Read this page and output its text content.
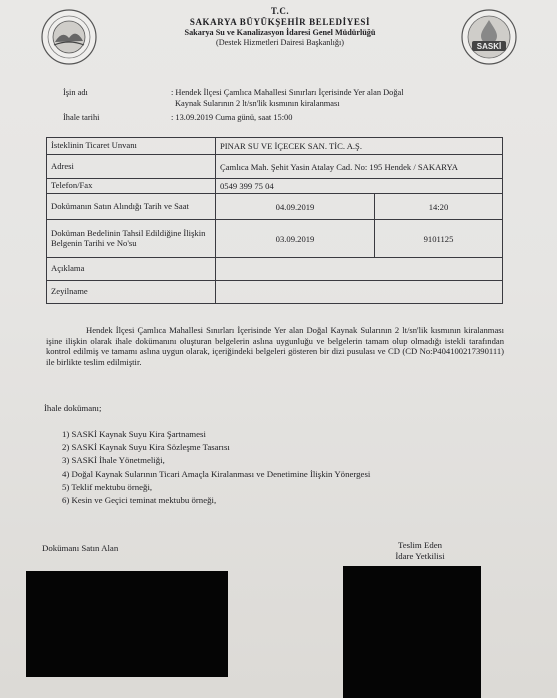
SASKİ
T.C.
SAKARYA BÜYÜKŞEHİR BELEDİYESİ
Sakarya Su ve Kanalizasyon İdaresi Genel Müdürlüğü
(Destek Hizmetleri Dairesi Başkanlığı)
İşin adı	: Hendek İlçesi Çamlıca Mahallesi Sınırları İçerisinde Yer alan Doğal
Kaynak Sularının 2 lt/sn'lik kısmının kiralanması
İhale tarihi	: 13.09.2019 Cuma günü, saat 15:00
İsteklinin Ticaret Unvanı	PINAR SU VE İÇECEK SAN. TİC. A.Ş.	
Adresi	Çamlıca Mah. Şehit Yasin Atalay Cad. No: 195 Hendek / SAKARYA	
Telefon/Fax	0549 399 75 04	
Dokümanın Satın Alındığı Tarih ve Saat	04.09.2019	14:20
Doküman Bedelinin Tahsil Edildiğine İlişkin Belgenin Tarihi ve No'su	03.09.2019	9101125
Açıklama		
Zeyilname		
Hendek İlçesi Çamlıca Mahallesi Sınırları İçerisinde Yer alan Doğal Kaynak Sularının 2 lt/sn'lik kısmının kiralanması işine ilişkin olarak ihale dokümanını oluşturan belgelerin aslına uygunluğu ve belgelerin tamam olup olmadığı istekli tarafından kontrol edilmiş ve tamamı aslına uygun olarak, içeriğindeki belgeleri gösteren bir dizi pusulası ve CD (CD No:P404100217390111) ile birlikte teslim edilmiştir.
İhale dokümanı;
1) SASKİ Kaynak Suyu Kira Şartnamesi
2) SASKİ Kaynak Suyu Kira Sözleşme Tasarısı
3) SASKİ İhale Yönetmeliği,
4) Doğal Kaynak Sularının Ticari Amaçla Kiralanması ve Denetimine İlişkin Yönergesi
5) Teklif mektubu örneği,
6) Kesin ve Geçici teminat mektubu örneği,
Dokümanı Satın Alan	Teslim Eden
İdare Yetkilisi
